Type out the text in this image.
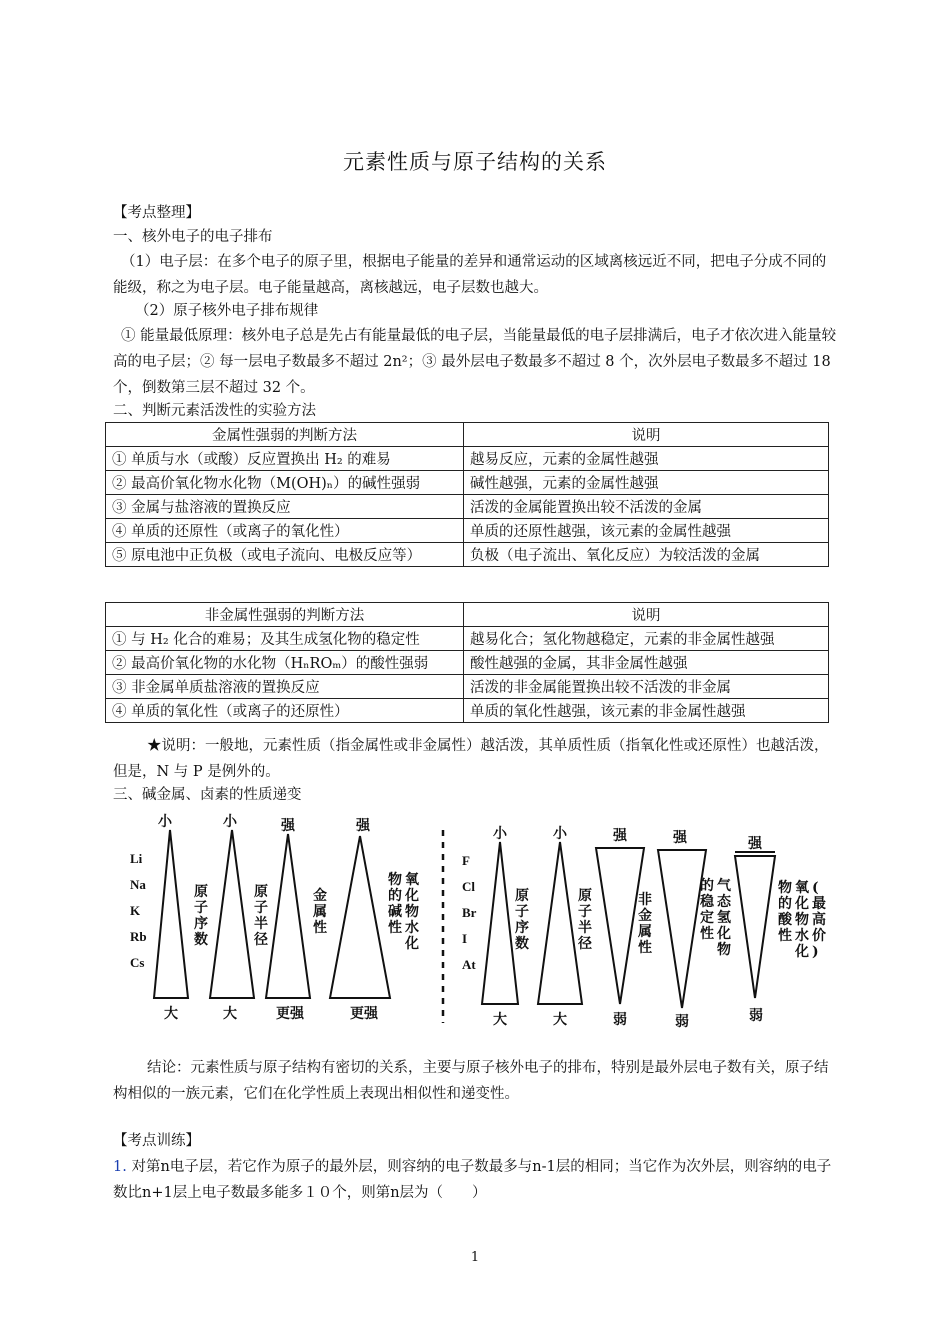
元素性质与原子结构的关系
【考点整理】
一、核外电子的电子排布
（1）电子层：在多个电子的原子里，根据电子能量的差异和通常运动的区域离核远近不同，把电子分成不同的能级，称之为电子层。电子能量越高，离核越远，电子层数也越大。
（2）原子核外电子排布规律
① 能量最低原理：核外电子总是先占有能量最低的电子层，当能量最低的电子层排满后，电子才依次进入能量较高的电子层；② 每一层电子数最多不超过 2n²；③ 最外层电子数最多不超过 8 个，次外层电子数最多不超过 18 个，倒数第三层不超过 32 个。
二、判断元素活泼性的实验方法
金属性强弱的判断方法	说明
① 单质与水（或酸）反应置换出 H₂ 的难易	越易反应，元素的金属性越强
② 最高价氧化物水化物（M(OH)ₙ）的碱性强弱	碱性越强，元素的金属性越强
③ 金属与盐溶液的置换反应	活泼的金属能置换出较不活泼的金属
④ 单质的还原性（或离子的氧化性）	单质的还原性越强，该元素的金属性越强
⑤ 原电池中正负极（或电子流向、电极反应等）	负极（电子流出、氧化反应）为较活泼的金属
非金属性强弱的判断方法	说明
① 与 H₂ 化合的难易；及其生成氢化物的稳定性	越易化合；氢化物越稳定，元素的非金属性越强
② 最高价氧化物的水化物（HₙROₘ）的酸性强弱	酸性越强的金属，其非金属性越强
③ 非金属单质盐溶液的置换反应	活泼的非金属能置换出较不活泼的非金属
④ 单质的氧化性（或离子的还原性）	单质的氧化性越强，该元素的非金属性越强
★说明：一般地，元素性质（指金属性或非金属性）越活泼，其单质性质（指氧化性或还原性）也越活泼，但是，N 与 P 是例外的。
三、碱金属、卤素的性质递变
Li
Na
K
Rb
Cs
F
Cl
Br
I
At
小
大
原子序数
小
大
原子半径
强
更强
金属性
强
更强
氧化物水化物的碱性
小
大
原子序数
小
大
原子半径
强
弱
非金属性
强
弱
气态氢化物的稳定性
强
弱
(最高价)氧化物水化物的酸性
结论：元素性质与原子结构有密切的关系，主要与原子核外电子的排布，特别是最外层电子数有关，原子结构相似的一族元素，它们在化学性质上表现出相似性和递变性。
【考点训练】
1. 对第n电子层，若它作为原子的最外层，则容纳的电子数最多与n-1层的相同；当它作为次外层，则容纳的电子数比n+1层上电子数最多能多１０个，则第n层为（　　）
1
